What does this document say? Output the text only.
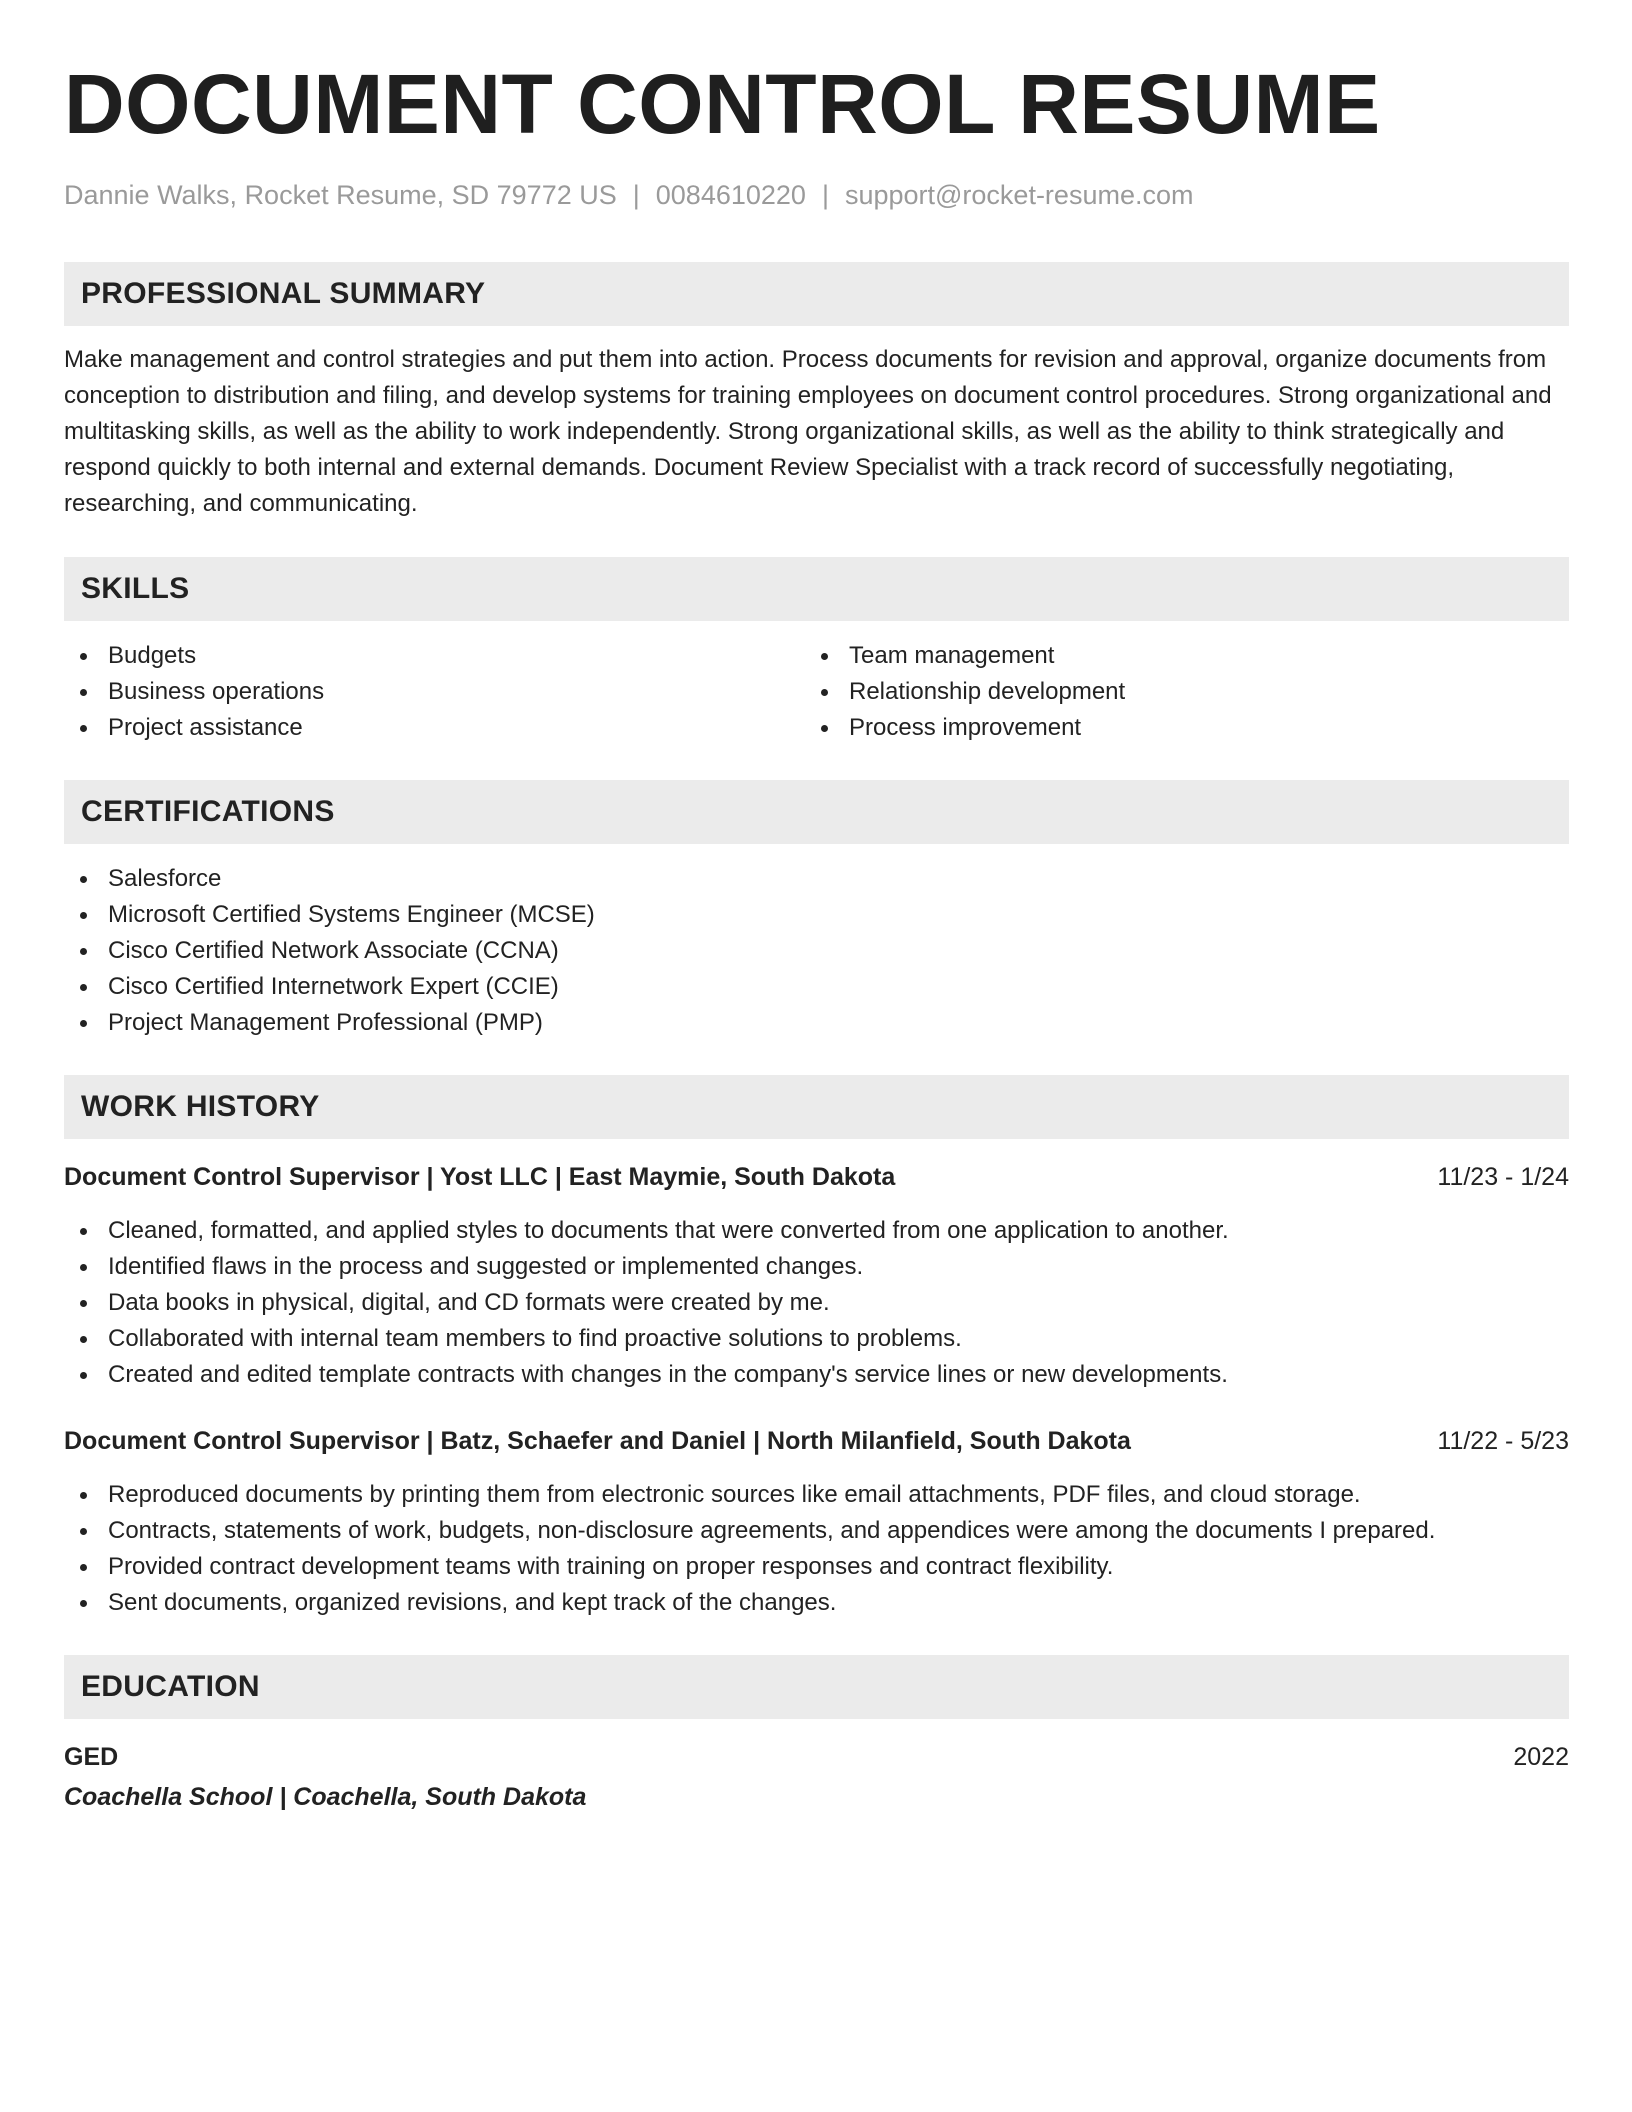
DOCUMENT CONTROL RESUME
Dannie Walks, Rocket Resume, SD 79772 US | 0084610220 | support@rocket-resume.com
PROFESSIONAL SUMMARY
Make management and control strategies and put them into action. Process documents for revision and approval, organize documents from conception to distribution and filing, and develop systems for training employees on document control procedures. Strong organizational and multitasking skills, as well as the ability to work independently. Strong organizational skills, as well as the ability to think strategically and respond quickly to both internal and external demands. Document Review Specialist with a track record of successfully negotiating, researching, and communicating.
SKILLS
Budgets
Business operations
Project assistance
Team management
Relationship development
Process improvement
CERTIFICATIONS
Salesforce
Microsoft Certified Systems Engineer (MCSE)
Cisco Certified Network Associate (CCNA)
Cisco Certified Internetwork Expert (CCIE)
Project Management Professional (PMP)
WORK HISTORY
Document Control Supervisor | Yost LLC | East Maymie, South Dakota	11/23 - 1/24
Cleaned, formatted, and applied styles to documents that were converted from one application to another.
Identified flaws in the process and suggested or implemented changes.
Data books in physical, digital, and CD formats were created by me.
Collaborated with internal team members to find proactive solutions to problems.
Created and edited template contracts with changes in the company's service lines or new developments.
Document Control Supervisor | Batz, Schaefer and Daniel | North Milanfield, South Dakota	11/22 - 5/23
Reproduced documents by printing them from electronic sources like email attachments, PDF files, and cloud storage.
Contracts, statements of work, budgets, non-disclosure agreements, and appendices were among the documents I prepared.
Provided contract development teams with training on proper responses and contract flexibility.
Sent documents, organized revisions, and kept track of the changes.
EDUCATION
GED	2022
Coachella School | Coachella, South Dakota
